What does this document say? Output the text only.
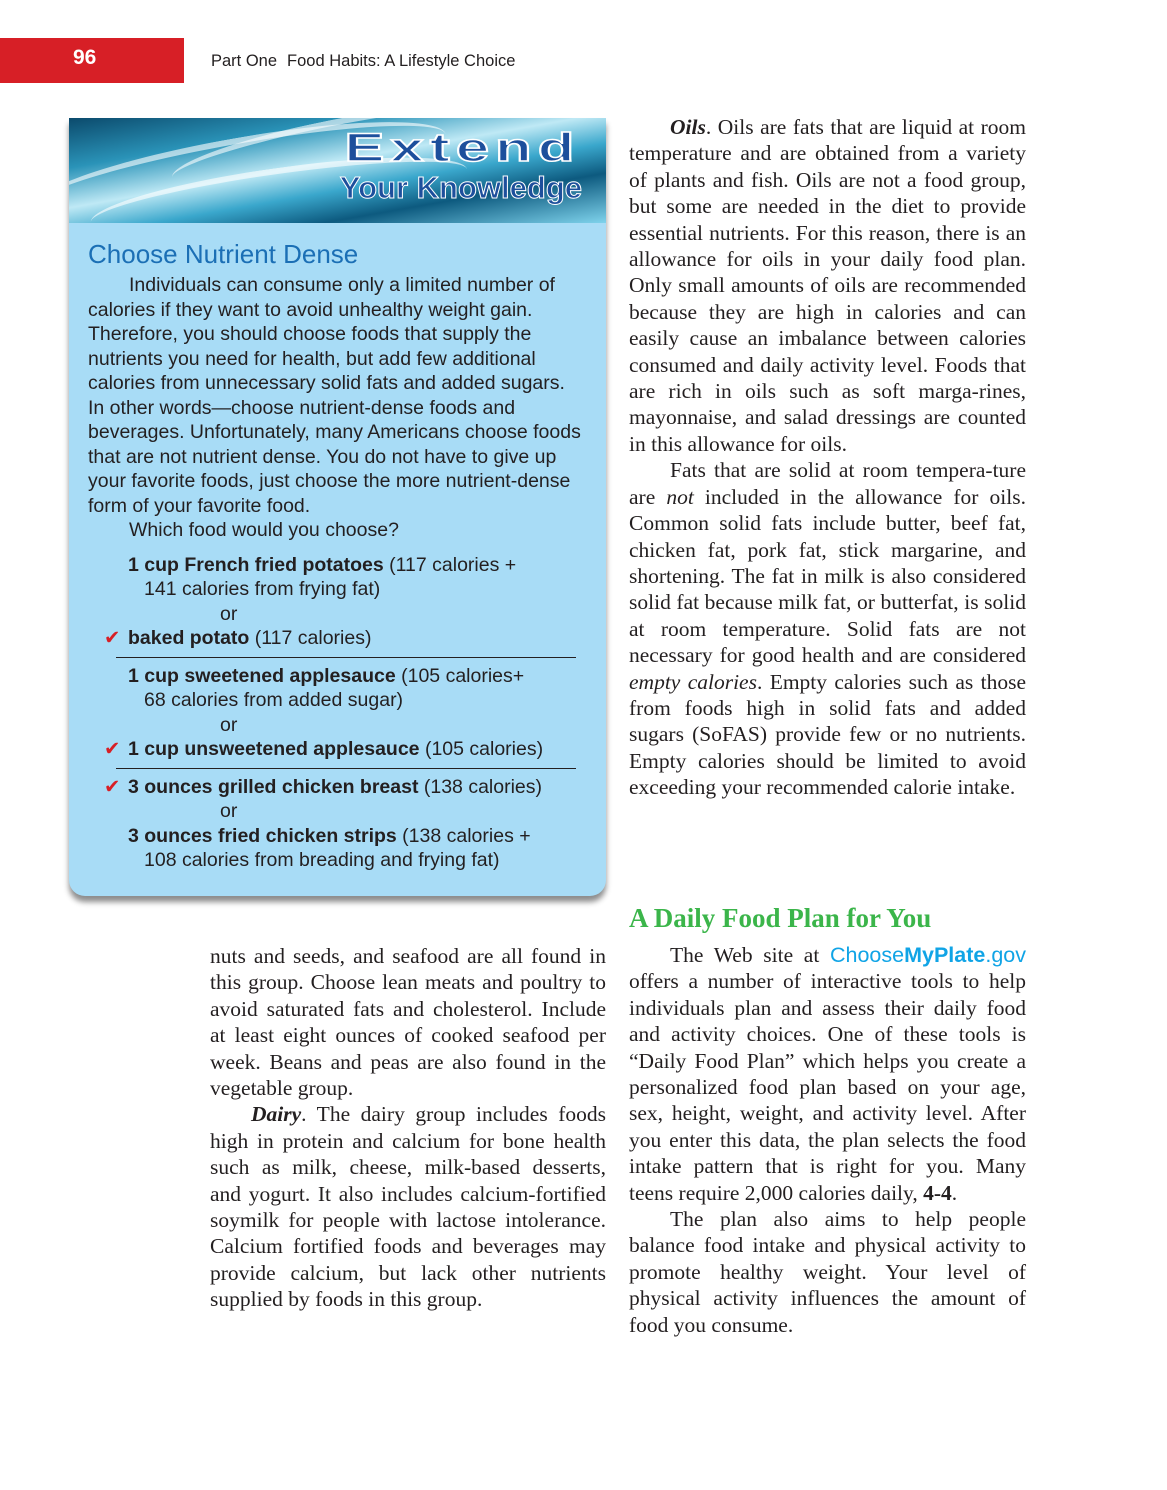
96	Part One Food Habits: A Lifestyle Choice
Extend
Your Knowledge
Choose Nutrient Dense

Individuals can consume only a limited number of calories if they want to avoid unhealthy weight gain. Therefore, you should choose foods that supply the nutrients you need for health, but add few additional calories from unnecessary solid fats and added sugars. In other words—choose nutrient-dense foods and beverages. Unfortunately, many Americans choose foods that are not nutrient dense. You do not have to give up your favorite foods, just choose the more nutrient-dense form of your favorite food.

Which food would you choose?

1 cup French fried potatoes (117 calories +
141 calories from frying fat)
or
✔ baked potato (117 calories)
1 cup sweetened applesauce (105 calories+
68 calories from added sugar)
or
✔ 1 cup unsweetened applesauce (105 calories)
✔ 3 ounces grilled chicken breast (138 calories)
or
3 ounces fried chicken strips (138 calories +
108 calories from breading and frying fat)

nuts and seeds, and seafood are all found in this group. Choose lean meats and poultry to avoid saturated fats and cholesterol. Include at least eight ounces of cooked seafood per week. Beans and peas are also found in the vegetable group.

Dairy. The dairy group includes foods high in protein and calcium for bone health such as milk, cheese, milk-based desserts, and yogurt. It also includes calcium-fortified soymilk for people with lactose intolerance. Calcium fortified foods and beverages may provide calcium, but lack other nutrients supplied by foods in this group.

Oils. Oils are fats that are liquid at room temperature and are obtained from a variety of plants and fish. Oils are not a food group, but some are needed in the diet to provide essential nutrients. For this reason, there is an allowance for oils in your daily food plan. Only small amounts of oils are recommended because they are high in calories and can easily cause an imbalance between calories consumed and daily activity level. Foods that are rich in oils such as soft marga-rines, mayonnaise, and salad dressings are counted in this allowance for oils.

Fats that are solid at room tempera-ture are not included in the allowance for oils. Common solid fats include butter, beef fat, chicken fat, pork fat, stick margarine, and shortening. The fat in milk is also considered solid fat because milk fat, or butterfat, is solid at room temperature. Solid fats are not necessary for good health and are considered empty calories. Empty calories such as those from foods high in solid fats and added sugars (SoFAS) provide few or no nutrients. Empty calories should be limited to avoid exceeding your recommended calorie intake.

A Daily Food Plan for You

The Web site at ChooseMyPlate.gov offers a number of interactive tools to help individuals plan and assess their daily food and activity choices. One of these tools is “Daily Food Plan” which helps you create a personalized food plan based on your age, sex, height, weight, and activity level. After you enter this data, the plan selects the food intake pattern that is right for you. Many teens require 2,000 calories daily, 4-4.

The plan also aims to help people balance food intake and physical activity to promote healthy weight. Your level of physical activity influences the amount of food you consume.
